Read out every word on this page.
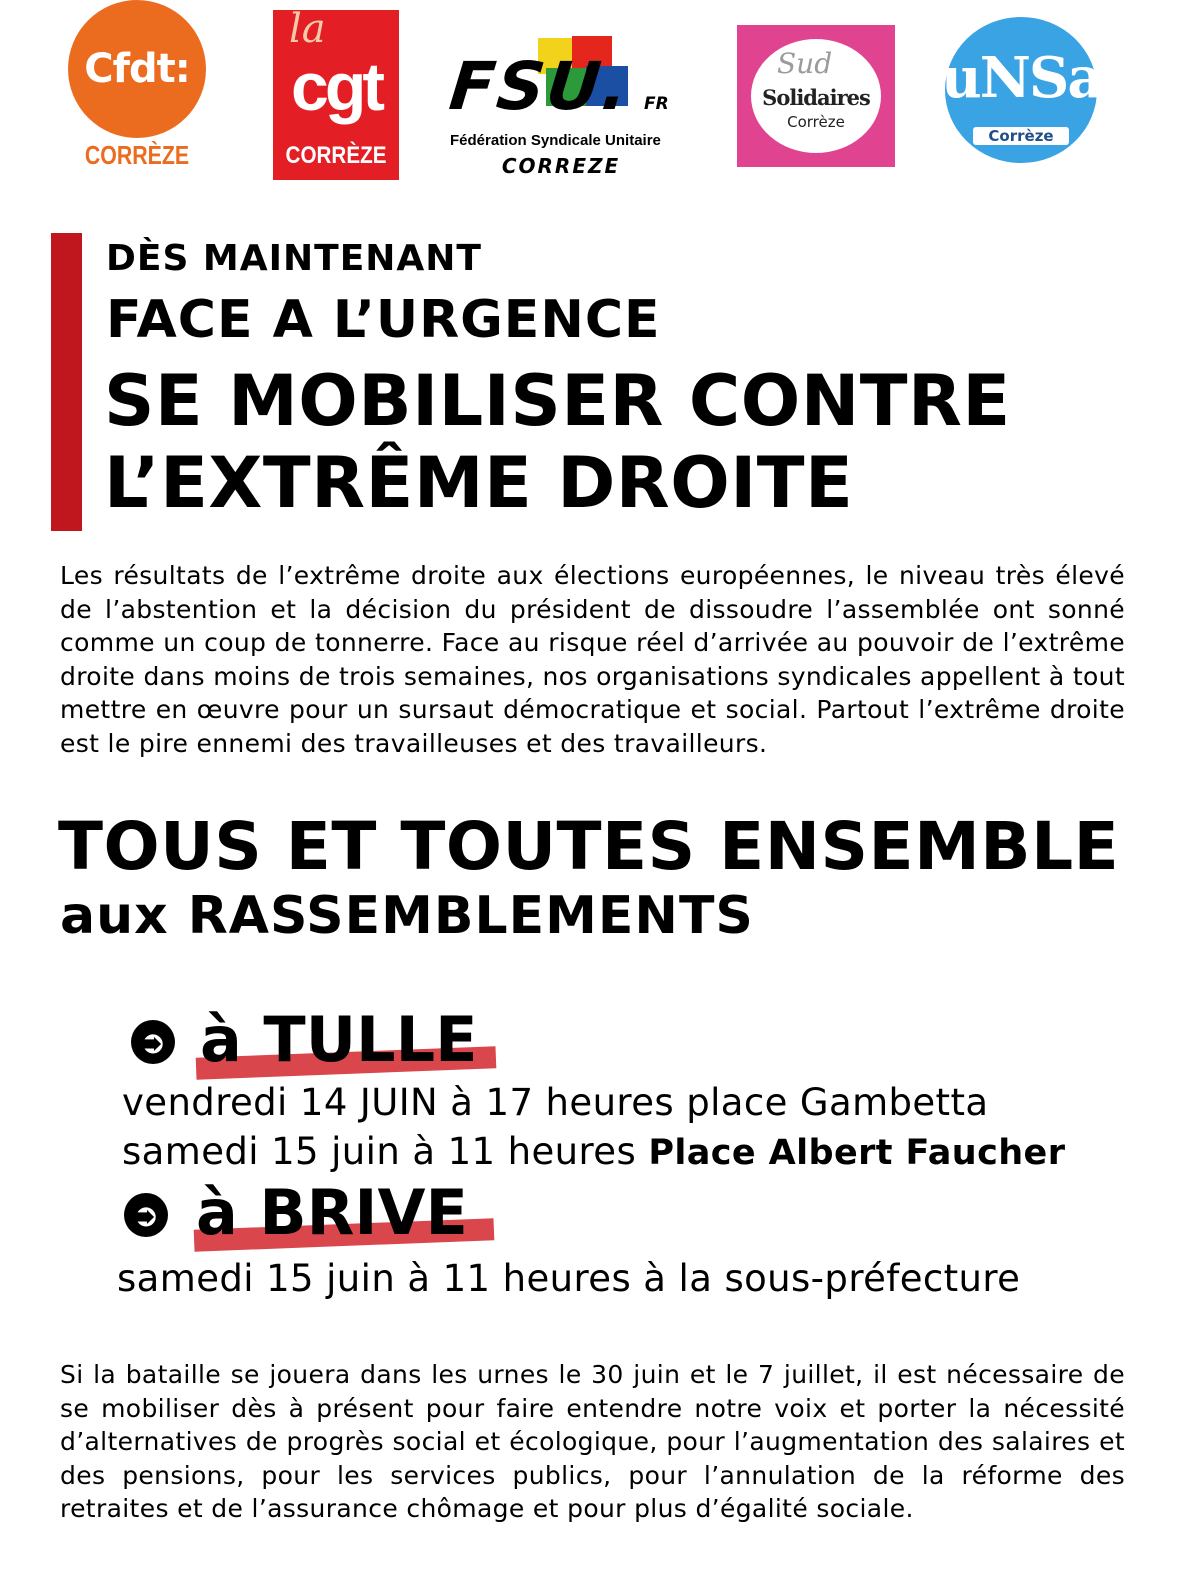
Cfdt:
CORRÈZE
la
cgt
CORRÈZE
FSU. FR
Fédération Syndicale Unitaire
CORREZE
Sud
Solidaires
Corrèze
uNSa
Corrèze
DÈS MAINTENANT
FACE A L’URGENCE
SE MOBILISER CONTRE
L’EXTRÊME DROITE
Les résultats de l’extrême droite aux élections européennes, le niveau très élevé de l’abstention et la décision du président de dissoudre l’assemblée ont sonné comme un coup de tonnerre. Face au risque réel d’arrivée au pouvoir de l’extrême droite dans moins de trois semaines, nos organisations syndicales appellent à tout mettre en œuvre pour un sursaut démocratique et social. Partout l’extrême droite est le pire ennemi des travailleuses et des travailleurs.
TOUS ET TOUTES ENSEMBLE
aux RASSEMBLEMENTS
➲ à TULLE
vendredi 14 JUIN à 17 heures place Gambetta
samedi 15 juin à 11 heures Place Albert Faucher
➲ à BRIVE
samedi 15 juin à 11 heures à la sous-préfecture
Si la bataille se jouera dans les urnes le 30 juin et le 7 juillet, il est nécessaire de se mobiliser dès à présent pour faire entendre notre voix et porter la nécessité d’alternatives de progrès social et écologique, pour l’augmentation des salaires et des pensions, pour les services publics, pour l’annulation de la réforme des retraites et de l’assurance chômage et pour plus d’égalité sociale.
